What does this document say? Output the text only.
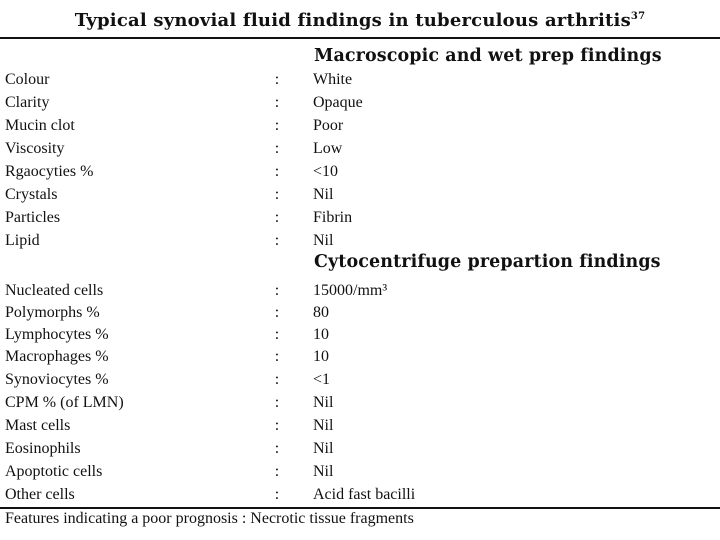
Typical synovial fluid findings in tuberculous arthritis$^{37}$
Macroscopic and wet prep findings
Colour	: White
Clarity	: Opaque
Mucin clot	: Poor
Viscosity	: Low
Rgaocyties %	: <10
Crystals	: Nil
Particles	: Fibrin
Lipid	: Nil
Cytocentrifuge prepartion findings
Nucleated cells	: 15000/mm³
Polymorphs %	: 80
Lymphocytes %	: 10
Macrophages %	: 10
Synoviocytes %	: <1
CPM % (of LMN)	: Nil
Mast cells	: Nil
Eosinophils	: Nil
Apoptotic cells	: Nil
Other cells	: Acid fast bacilli
Features indicating a poor prognosis : Necrotic tissue fragments
